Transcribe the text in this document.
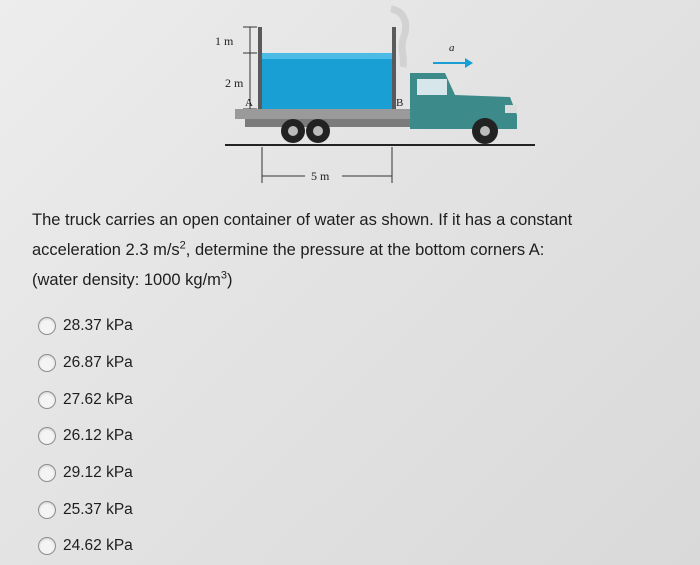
1 m
2 m
A	B
5 m
a
The truck carries an open container of water as shown. If it has a constant
acceleration 2.3 $m/s^2$, determine the pressure at the bottom corners A:
(water density: 1000 $kg/m^3$)
28.37 kPa
26.87 kPa
27.62 kPa
26.12 kPa
29.12 kPa
25.37 kPa
24.62 kPa
